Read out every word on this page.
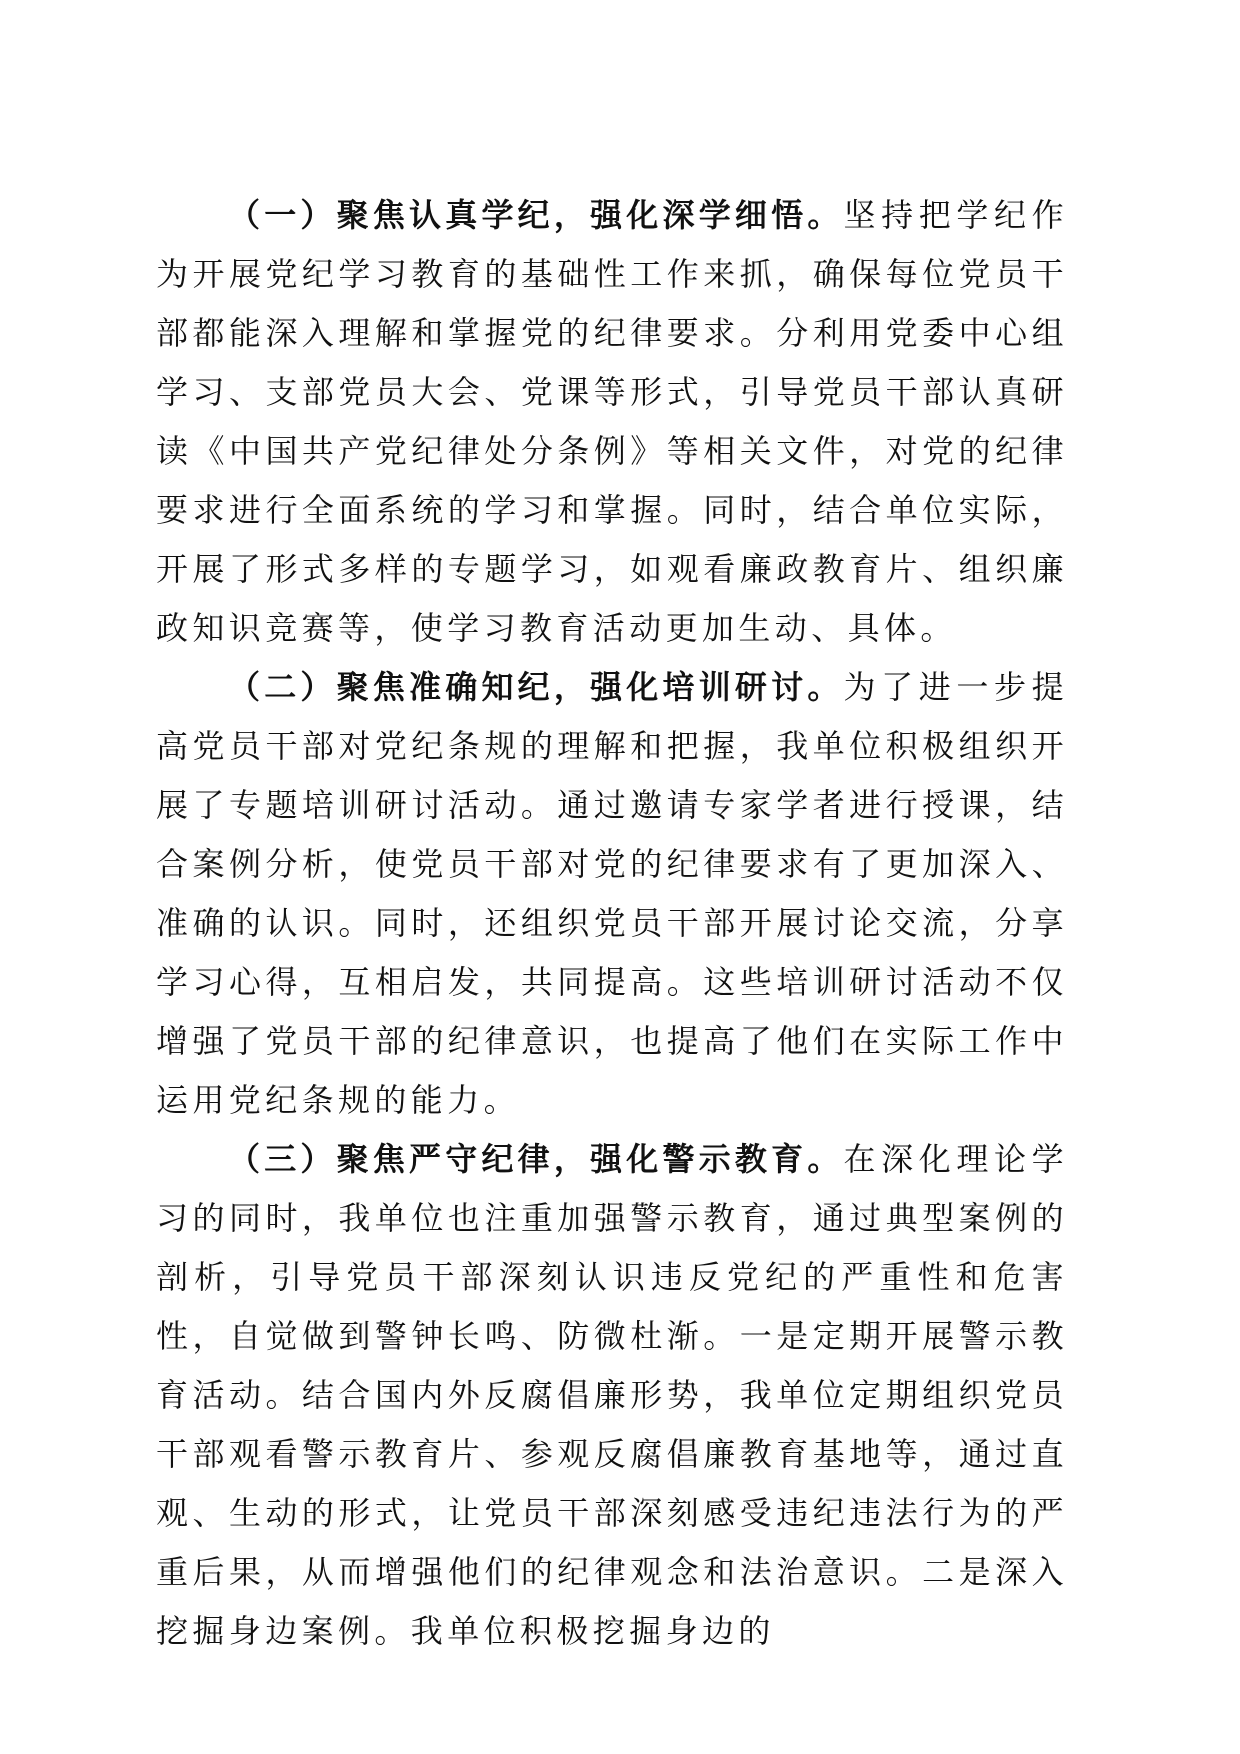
（一）聚焦认真学纪，强化深学细悟。坚持把学纪作为开展党纪学习教育的基础性工作来抓，确保每位党员干部都能深入理解和掌握党的纪律要求。分利用党委中心组学习、支部党员大会、党课等形式，引导党员干部认真研读《中国共产党纪律处分条例》等相关文件，对党的纪律要求进行全面系统的学习和掌握。同时，结合单位实际，开展了形式多样的专题学习，如观看廉政教育片、组织廉政知识竞赛等，使学习教育活动更加生动、具体。

（二）聚焦准确知纪，强化培训研讨。为了进一步提高党员干部对党纪条规的理解和把握，我单位积极组织开展了专题培训研讨活动。通过邀请专家学者进行授课，结合案例分析，使党员干部对党的纪律要求有了更加深入、准确的认识。同时，还组织党员干部开展讨论交流，分享学习心得，互相启发，共同提高。这些培训研讨活动不仅增强了党员干部的纪律意识，也提高了他们在实际工作中运用党纪条规的能力。

（三）聚焦严守纪律，强化警示教育。在深化理论学习的同时，我单位也注重加强警示教育，通过典型案例的剖析，引导党员干部深刻认识违反党纪的严重性和危害性，自觉做到警钟长鸣、防微杜渐。一是定期开展警示教育活动。结合国内外反腐倡廉形势，我单位定期组织党员干部观看警示教育片、参观反腐倡廉教育基地等，通过直观、生动的形式，让党员干部深刻感受违纪违法行为的严重后果，从而增强他们的纪律观念和法治意识。二是深入挖掘身边案例。我单位积极挖掘身边的
